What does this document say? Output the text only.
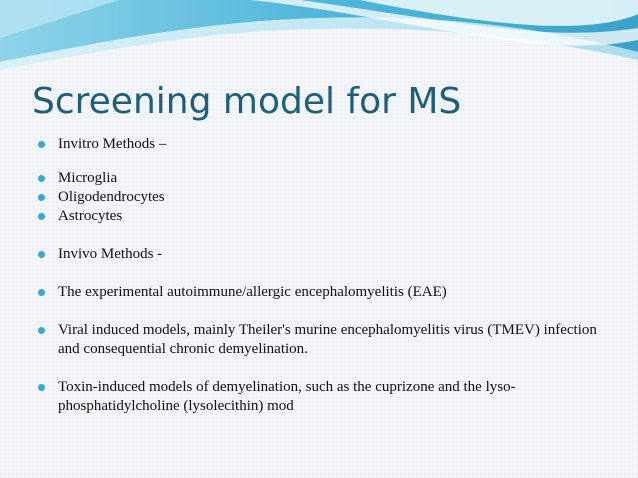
Screening model for MS
Invitro Methods –
Microglia
Oligodendrocytes
Astrocytes
Invivo Methods -
The experimental autoimmune/allergic encephalomyelitis (EAE)
Viral induced models, mainly Theiler's murine encephalomyelitis virus (TMEV) infection and consequential chronic demyelination.
Toxin-induced models of demyelination, such as the cuprizone and the lyso-phosphatidylcholine (lysolecithin) mod
